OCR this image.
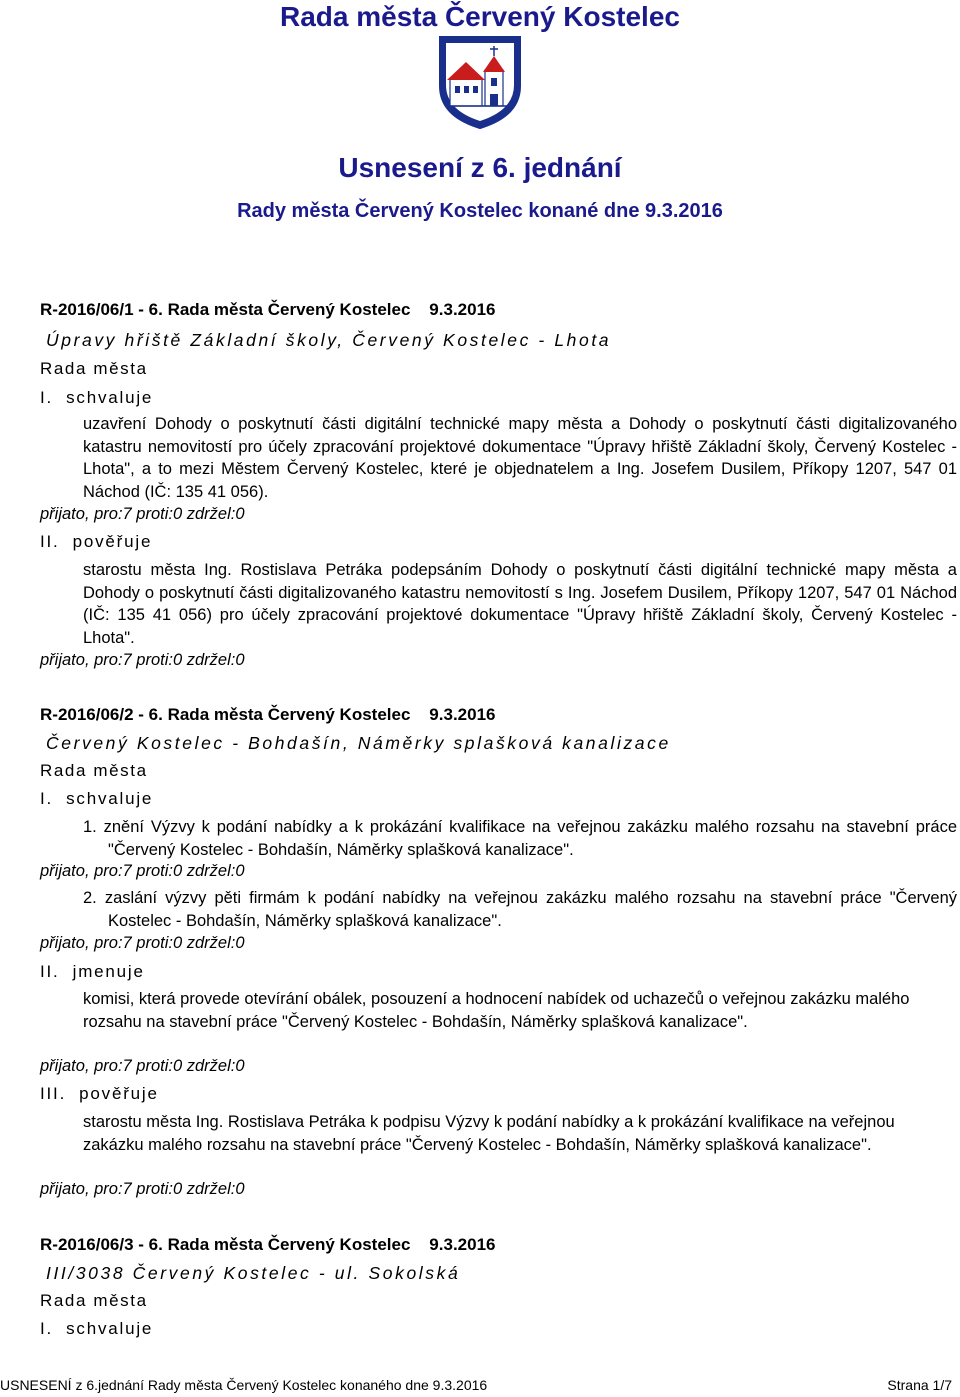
Rada města Červený Kostelec
Usnesení z 6. jednání
Rady města Červený Kostelec konané dne 9.3.2016
R-2016/06/1 - 6. Rada města Červený Kostelec    9.3.2016
Úpravy hřiště Základní školy, Červený Kostelec - Lhota
Rada města
I.  schvaluje
uzavření Dohody o poskytnutí části digitální technické mapy města a Dohody o poskytnutí části digitalizovaného katastru nemovitostí pro účely zpracování projektové dokumentace "Úpravy hřiště Základní školy, Červený Kostelec - Lhota", a to mezi Městem Červený Kostelec, které je objednatelem a Ing. Josefem Dusilem, Příkopy 1207, 547 01 Náchod (IČ: 135 41 056).
přijato, pro:7 proti:0 zdržel:0
II.  pověřuje
starostu města Ing. Rostislava Petráka podepsáním Dohody o poskytnutí části digitální technické mapy města a Dohody o poskytnutí části digitalizovaného katastru nemovitostí s Ing. Josefem Dusilem, Příkopy 1207, 547 01 Náchod (IČ: 135 41 056) pro účely zpracování projektové dokumentace "Úpravy hřiště Základní školy, Červený Kostelec - Lhota".
přijato, pro:7 proti:0 zdržel:0
R-2016/06/2 - 6. Rada města Červený Kostelec    9.3.2016
Červený Kostelec - Bohdašín, Náměrky splašková kanalizace
Rada města
I.  schvaluje
1. znění Výzvy k podání nabídky a k prokázání kvalifikace na veřejnou zakázku malého rozsahu na stavební práce "Červený Kostelec - Bohdašín, Náměrky splašková kanalizace".
přijato, pro:7 proti:0 zdržel:0
2. zaslání výzvy pěti firmám k podání nabídky na veřejnou zakázku malého rozsahu na stavební práce "Červený Kostelec - Bohdašín, Náměrky splašková kanalizace".
přijato, pro:7 proti:0 zdržel:0
II.  jmenuje
komisi, která provede otevírání obálek, posouzení a hodnocení nabídek od uchazečů o veřejnou zakázku malého rozsahu na stavební práce "Červený Kostelec - Bohdašín, Náměrky splašková kanalizace".
přijato, pro:7 proti:0 zdržel:0
III.  pověřuje
starostu města Ing. Rostislava Petráka k podpisu Výzvy k podání nabídky a k prokázání kvalifikace na veřejnou zakázku malého rozsahu na stavební práce "Červený Kostelec - Bohdašín, Náměrky splašková kanalizace".
přijato, pro:7 proti:0 zdržel:0
R-2016/06/3 - 6. Rada města Červený Kostelec    9.3.2016
III/3038 Červený Kostelec - ul. Sokolská
Rada města
I.  schvaluje
USNESENÍ z 6.jednání Rady města Červený Kostelec konaného dne 9.3.2016	Strana 1/7
